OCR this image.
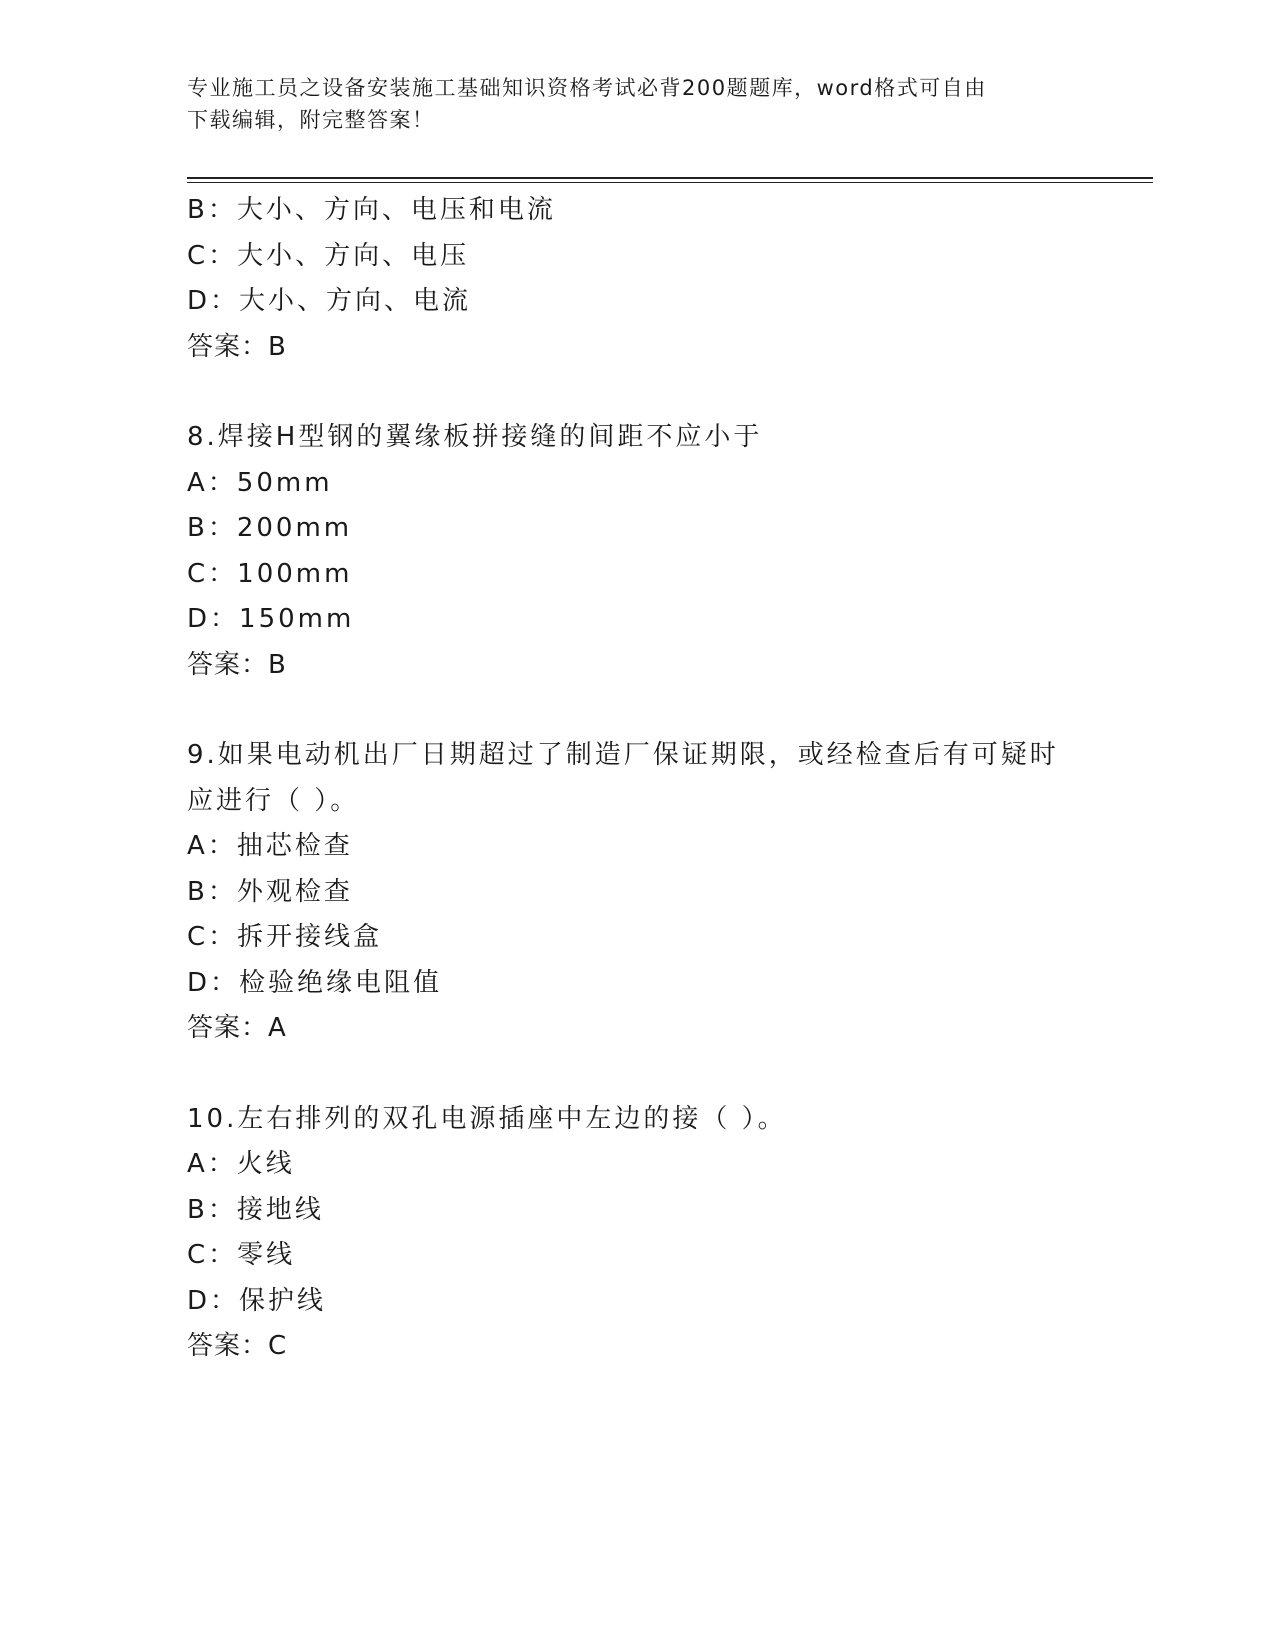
专业施工员之设备安装施工基础知识资格考试必背200题题库，word格式可自由
下载编辑，附完整答案！
B：大小、方向、电压和电流
C：大小、方向、电压
D：大小、方向、电流
答案：B
8.焊接H型钢的翼缘板拼接缝的间距不应小于
A：50mm
B：200mm
C：100mm
D：150mm
答案：B
9.如果电动机出厂日期超过了制造厂保证期限，或经检查后有可疑时
应进行（ ）。
A：抽芯检查
B：外观检查
C：拆开接线盒
D：检验绝缘电阻值
答案：A
10.左右排列的双孔电源插座中左边的接（ ）。
A：火线
B：接地线
C：零线
D：保护线
答案：C
